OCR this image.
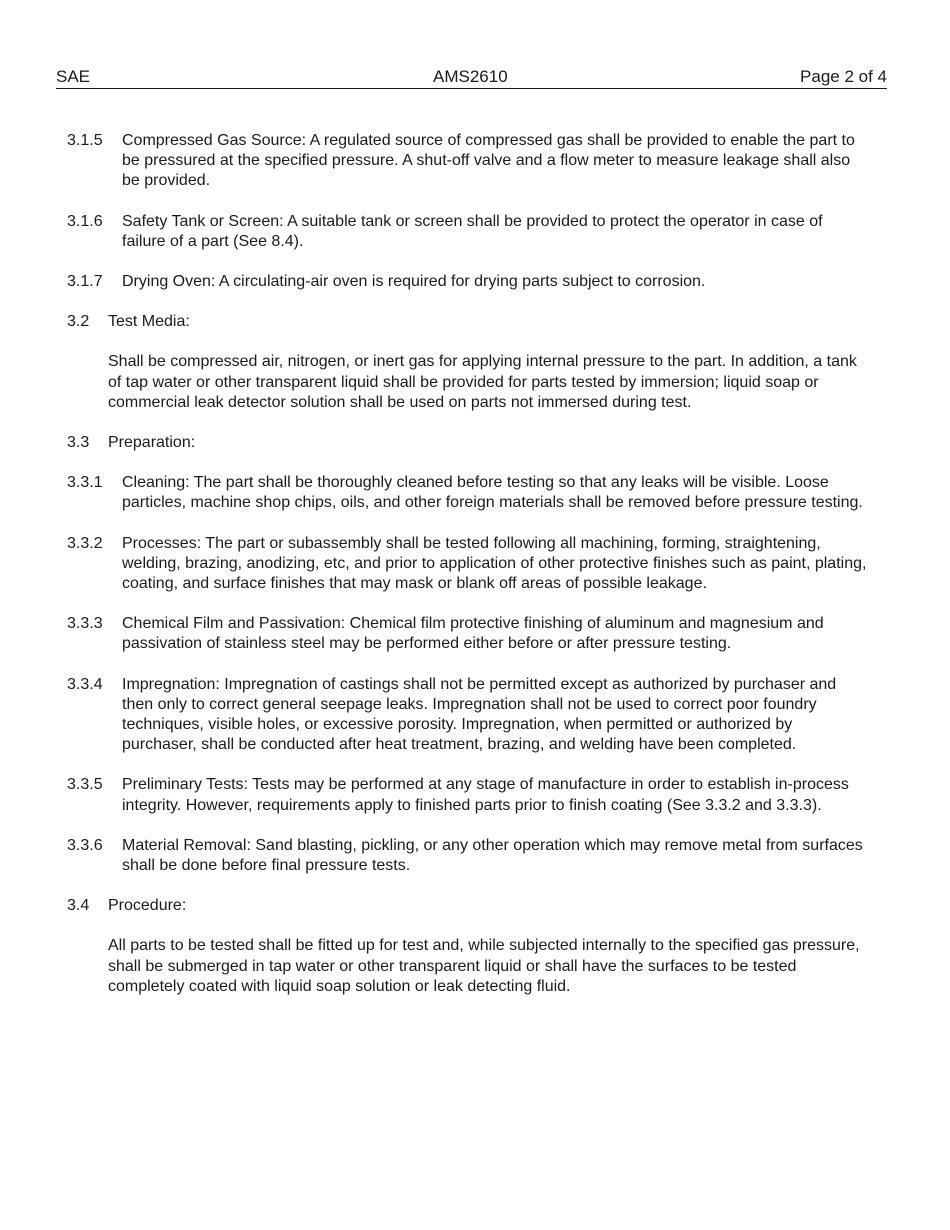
SAE	AMS2610	Page 2 of 4
3.1.5	Compressed Gas Source: A regulated source of compressed gas shall be provided to enable the part to be pressured at the specified pressure. A shut-off valve and a flow meter to measure leakage shall also be provided.
3.1.6	Safety Tank or Screen: A suitable tank or screen shall be provided to protect the operator in case of failure of a part (See 8.4).
3.1.7	Drying Oven: A circulating-air oven is required for drying parts subject to corrosion.
3.2	Test Media:
Shall be compressed air, nitrogen, or inert gas for applying internal pressure to the part. In addition, a tank of tap water or other transparent liquid shall be provided for parts tested by immersion; liquid soap or commercial leak detector solution shall be used on parts not immersed during test.
3.3	Preparation:
3.3.1	Cleaning: The part shall be thoroughly cleaned before testing so that any leaks will be visible. Loose particles, machine shop chips, oils, and other foreign materials shall be removed before pressure testing.
3.3.2	Processes: The part or subassembly shall be tested following all machining, forming, straightening, welding, brazing, anodizing, etc, and prior to application of other protective finishes such as paint, plating, coating, and surface finishes that may mask or blank off areas of possible leakage.
3.3.3	Chemical Film and Passivation: Chemical film protective finishing of aluminum and magnesium and passivation of stainless steel may be performed either before or after pressure testing.
3.3.4	Impregnation: Impregnation of castings shall not be permitted except as authorized by purchaser and then only to correct general seepage leaks. Impregnation shall not be used to correct poor foundry techniques, visible holes, or excessive porosity. Impregnation, when permitted or authorized by purchaser, shall be conducted after heat treatment, brazing, and welding have been completed.
3.3.5	Preliminary Tests: Tests may be performed at any stage of manufacture in order to establish in-process integrity. However, requirements apply to finished parts prior to finish coating (See 3.3.2 and 3.3.3).
3.3.6	Material Removal: Sand blasting, pickling, or any other operation which may remove metal from surfaces shall be done before final pressure tests.
3.4	Procedure:
All parts to be tested shall be fitted up for test and, while subjected internally to the specified gas pressure, shall be submerged in tap water or other transparent liquid or shall have the surfaces to be tested completely coated with liquid soap solution or leak detecting fluid.
